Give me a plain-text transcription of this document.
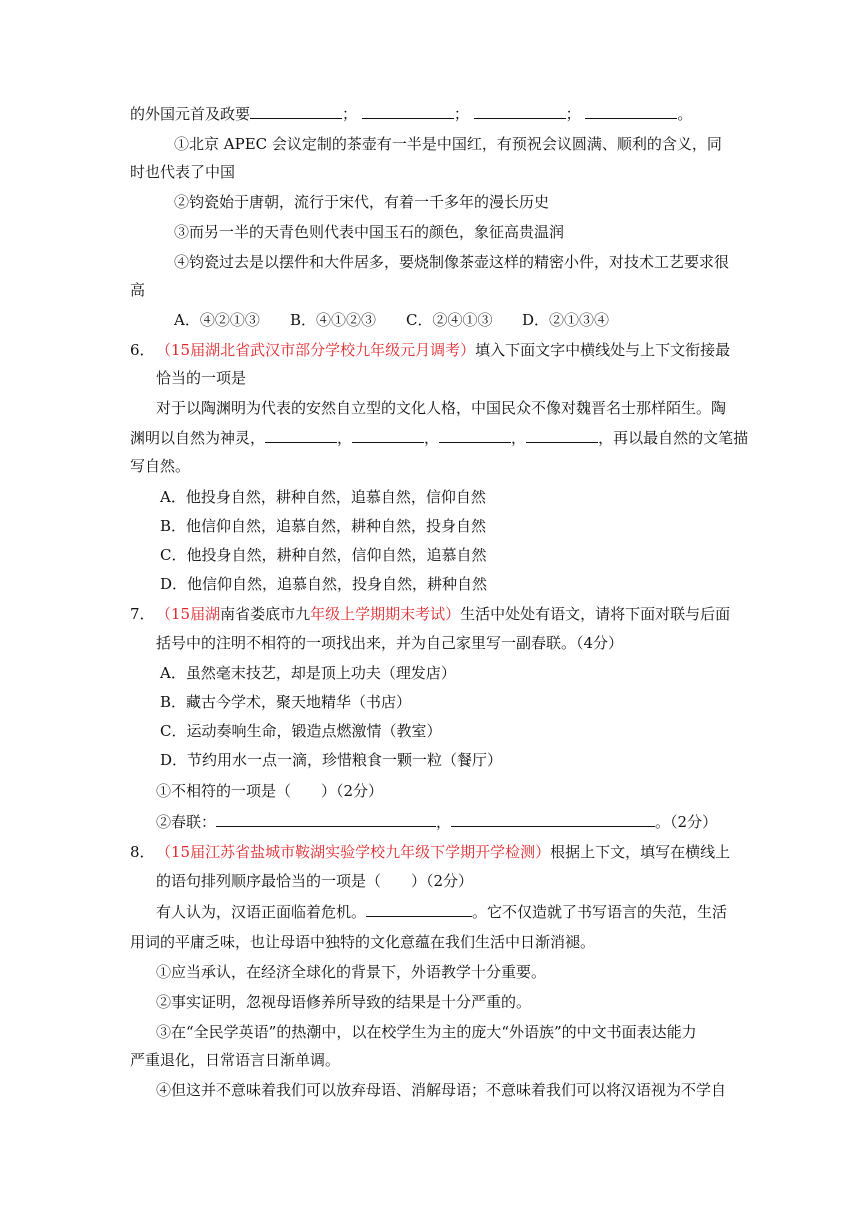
的外国元首及政要	；	；	；	。
①北京 APEC 会议定制的茶壶有一半是中国红，有预祝会议圆满、顺利的含义，同
时也代表了中国
②钧瓷始于唐朝，流行于宋代，有着一千多年的漫长历史
③而另一半的天青色则代表中国玉石的颜色，象征高贵温润
④钧瓷过去是以摆件和大件居多，要烧制像茶壶这样的精密小件，对技术工艺要求很
高
A．④②①③ B．④①②③ C．②④①③ D．②①③④
6．（15届湖北省武汉市部分学校九年级元月调考）填入下面文字中横线处与上下文衔接最
恰当的一项是
对于以陶渊明为代表的安然自立型的文化人格，中国民众不像对魏晋名士那样陌生。陶
渊明以自然为神灵，	，	，	，	，再以最自然的文笔描
写自然。
A．他投身自然，耕种自然，追慕自然，信仰自然
B．他信仰自然，追慕自然，耕种自然，投身自然
C．他投身自然，耕种自然，信仰自然，追慕自然
D．他信仰自然，追慕自然，投身自然，耕种自然
7．（15届湖南省娄底市九年级上学期期末考试）生活中处处有语文，请将下面对联与后面
括号中的注明不相符的一项找出来，并为自己家里写一副春联。（4分）
A．虽然毫末技艺，却是顶上功夫（理发店）
B．藏古今学术，聚天地精华（书店）
C．运动奏响生命，锻造点燃激情（教室）
D．节约用水一点一滴，珍惜粮食一颗一粒（餐厅）
①不相符的一项是（　　）（2分）
②春联：	，	。（2分）
8．（15届江苏省盐城市鞍湖实验学校九年级下学期开学检测）根据上下文，填写在横线上
的语句排列顺序最恰当的一项是（　　）（2分）
有人认为，汉语正面临着危机。	。它不仅造就了书写语言的失范，生活
用词的平庸乏味，也让母语中独特的文化意蕴在我们生活中日渐消褪。
①应当承认，在经济全球化的背景下，外语教学十分重要。
②事实证明，忽视母语修养所导致的结果是十分严重的。
③在“全民学英语”的热潮中，以在校学生为主的庞大“外语族”的中文书面表达能力
严重退化，日常语言日渐单调。
④但这并不意味着我们可以放弃母语、消解母语；不意味着我们可以将汉语视为不学自
